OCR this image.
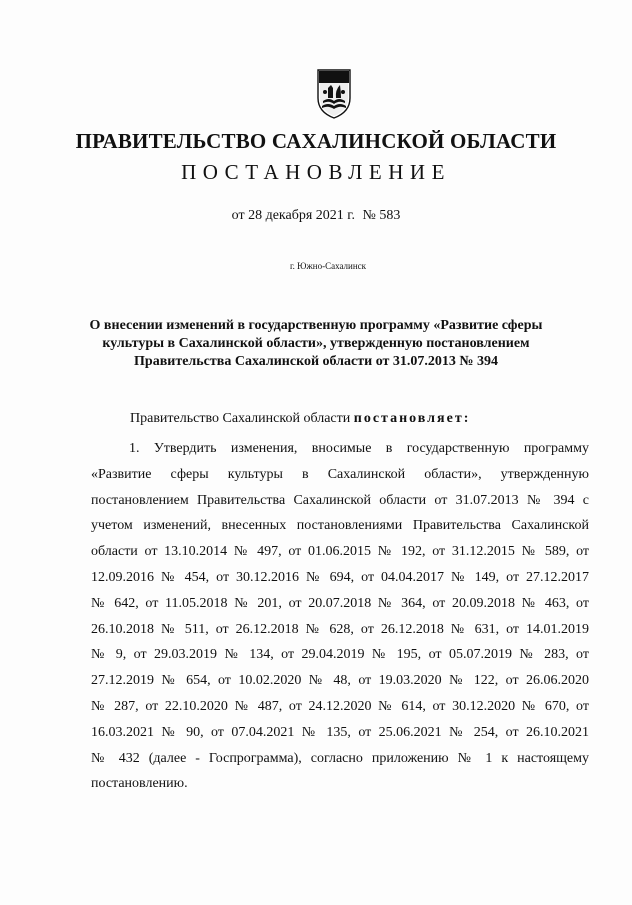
ПРАВИТЕЛЬСТВО САХАЛИНСКОЙ ОБЛАСТИ
ПОСТАНОВЛЕНИЕ
от 28 декабря 2021 г. № 583
г. Южно-Сахалинск
О внесении изменений в государственную программу «Развитие сферы
культуры в Сахалинской области», утвержденную постановлением
Правительства Сахалинской области от 31.07.2013 № 394
Правительство Сахалинской области постановляет:
1. Утвердить изменения, вносимые в государственную программу
«Развитие сферы культуры в Сахалинской области», утвержденную
постановлением Правительства Сахалинской области от 31.07.2013 № 394 с
учетом изменений, внесенных постановлениями Правительства Сахалинской
области от 13.10.2014 № 497, от 01.06.2015 № 192, от 31.12.2015 № 589, от
12.09.2016 № 454, от 30.12.2016 № 694, от 04.04.2017 № 149, от 27.12.2017
№ 642, от 11.05.2018 № 201, от 20.07.2018 № 364, от 20.09.2018 № 463, от
26.10.2018 № 511, от 26.12.2018 № 628, от 26.12.2018 № 631, от 14.01.2019
№ 9, от 29.03.2019 № 134, от 29.04.2019 № 195, от 05.07.2019 № 283, от
27.12.2019 № 654, от 10.02.2020 № 48, от 19.03.2020 № 122, от 26.06.2020
№ 287, от 22.10.2020 № 487, от 24.12.2020 № 614, от 30.12.2020 № 670, от
16.03.2021 № 90, от 07.04.2021 № 135, от 25.06.2021 № 254, от 26.10.2021
№ 432 (далее - Госпрограмма), согласно приложению № 1 к настоящему
постановлению.
